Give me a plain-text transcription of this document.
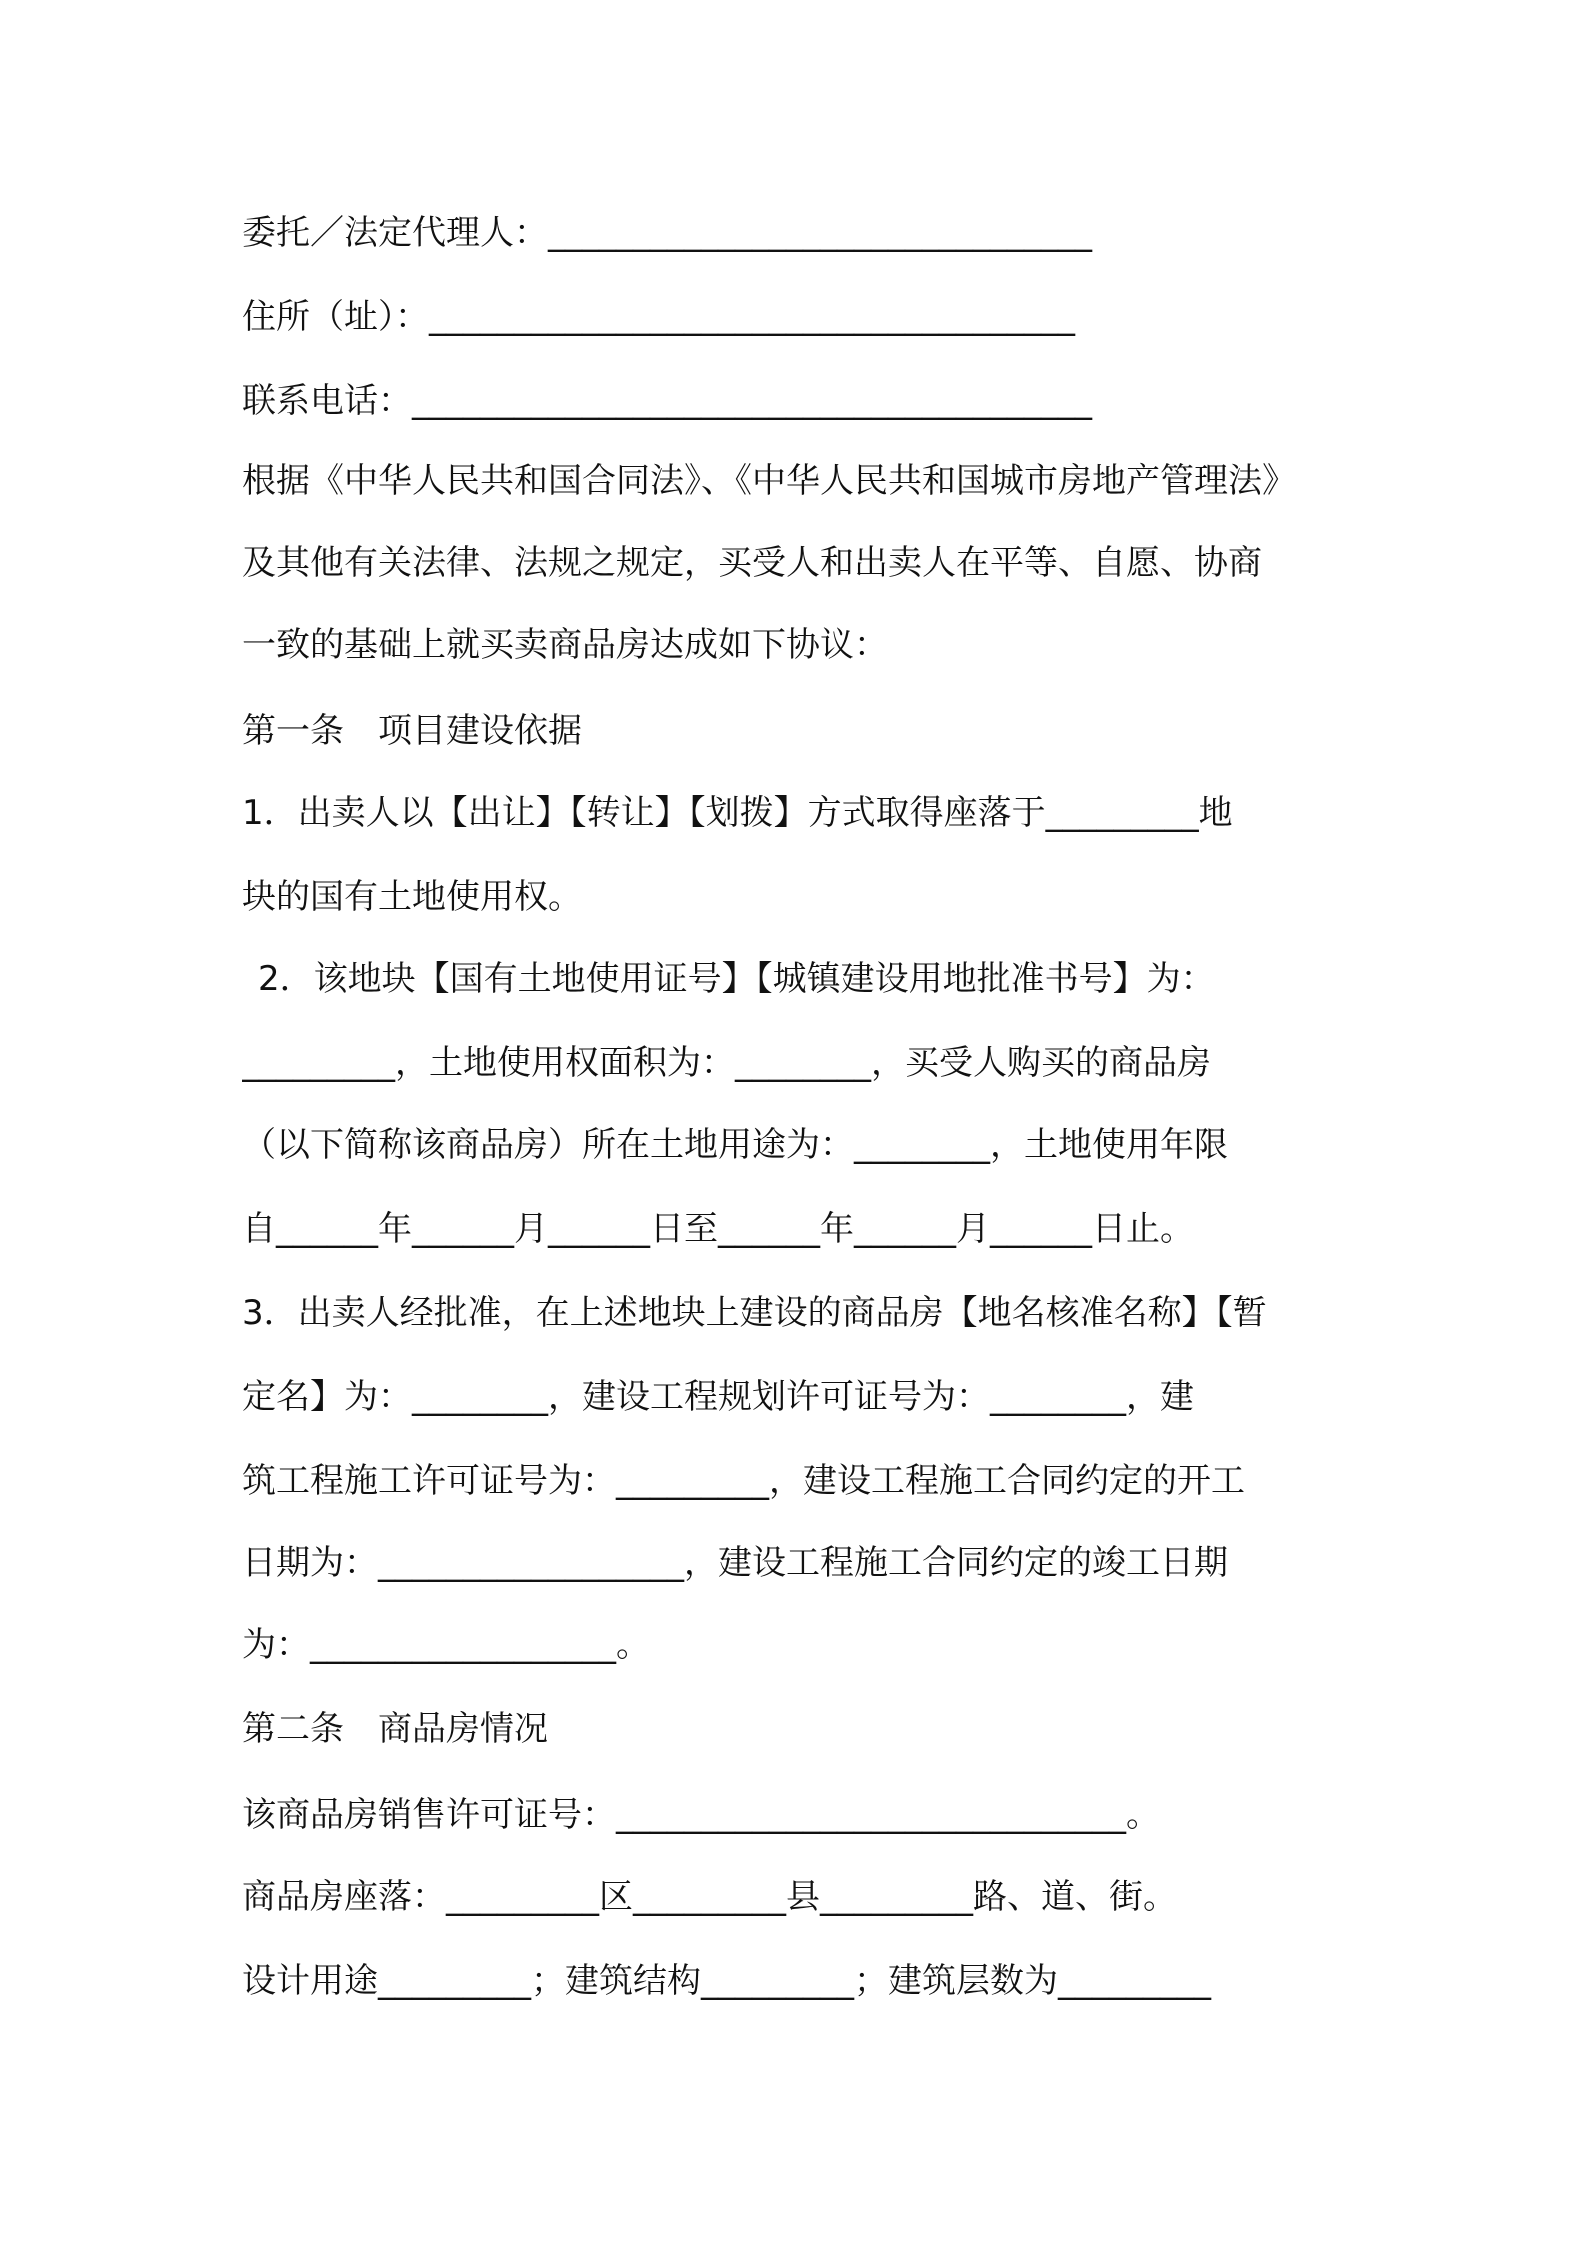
委托／法定代理人：________________________________
住所（址）：______________________________________
联系电话：________________________________________
根据《中华人民共和国合同法》、《中华人民共和国城市房地产管理法》
及其他有关法律、法规之规定，买受人和出卖人在平等、自愿、协商
一致的基础上就买卖商品房达成如下协议：
第一条　项目建设依据
1．出卖人以【出让】【转让】【划拨】方式取得座落于_________地
块的国有土地使用权。
2．该地块【国有土地使用证号】【城镇建设用地批准书号】为：
_________，土地使用权面积为：________，买受人购买的商品房
（以下简称该商品房）所在土地用途为：________，土地使用年限
自______年______月______日至______年______月______日止。
3．出卖人经批准，在上述地块上建设的商品房【地名核准名称】【暂
定名】为：________，建设工程规划许可证号为：________，建
筑工程施工许可证号为：_________，建设工程施工合同约定的开工
日期为：__________________，建设工程施工合同约定的竣工日期
为：__________________。
第二条　商品房情况
该商品房销售许可证号：______________________________。
商品房座落：_________区_________县_________路、道、街。
设计用途_________；建筑结构_________；建筑层数为_________
